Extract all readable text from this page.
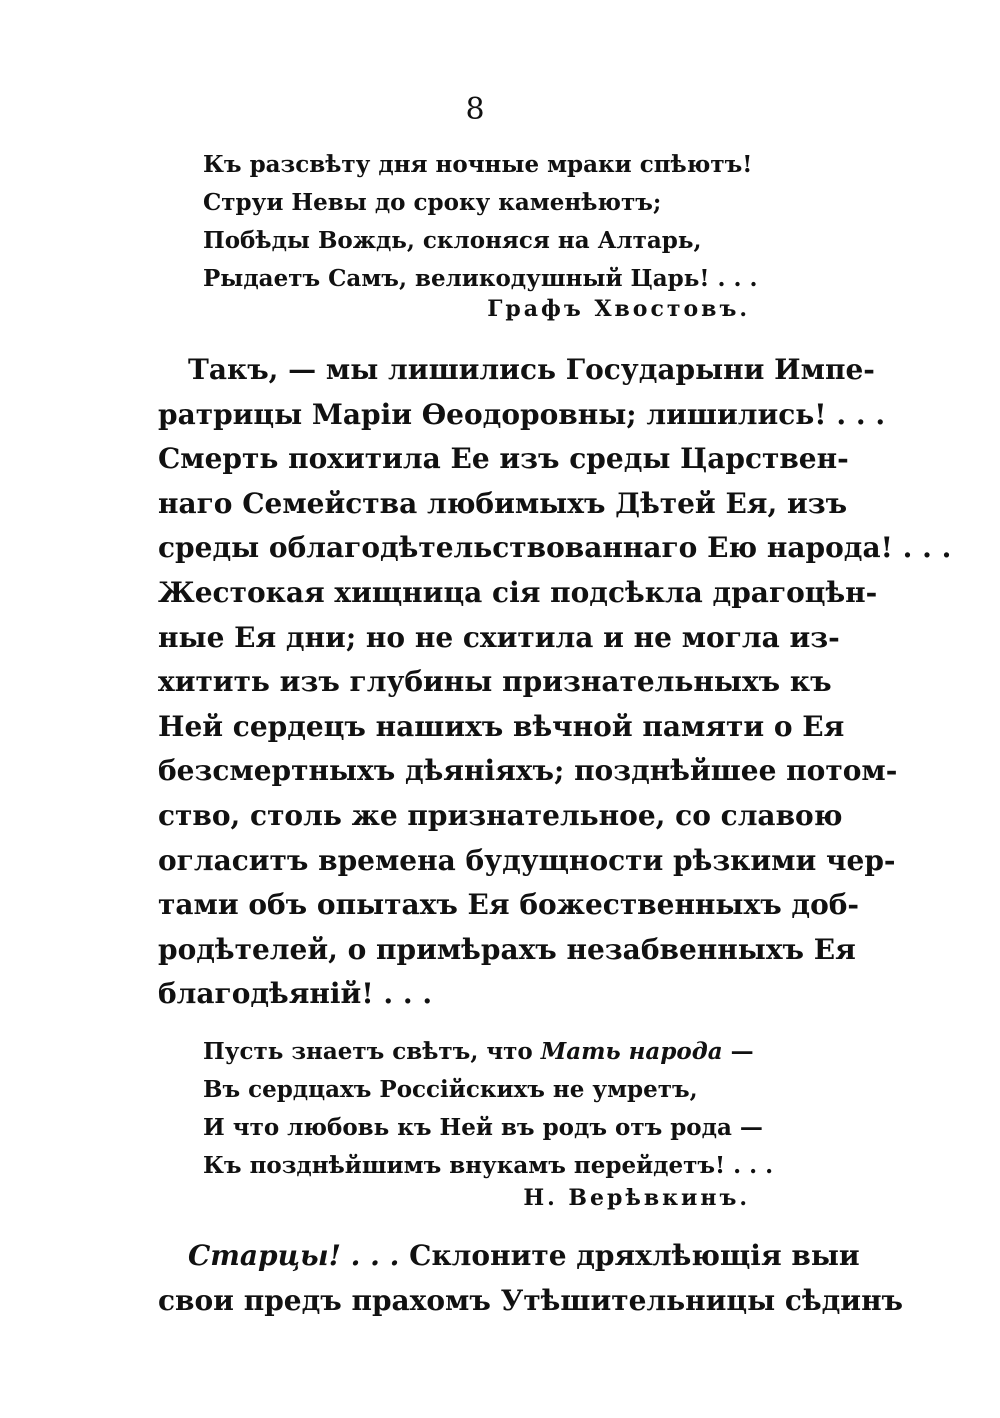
8
Къ разсвѣту дня ночные мраки спѣютъ!
Струи Невы до сроку каменѣютъ;
Побѣды Вождь, склоняся на Алтарь,
Рыдаетъ Самъ, великодушный Царь! . . .
Графъ Хвостовъ.
Такъ, — мы лишились Государыни Импе-
ратрицы Маріи Ѳеодоровны; лишились! . . .
Смерть похитила Ее изъ среды Царствен-
наго Семейства любимыхъ Дѣтей Ея, изъ
среды облагодѣтельствованнаго Ею народа! . . .
Жестокая хищница сія подсѣкла драгоцѣн-
ные Ея дни; но не схитила и не могла из-
хитить изъ глубины признательныхъ къ
Ней сердецъ нашихъ вѣчной памяти о Ея
безсмертныхъ дѣяніяхъ; позднѣйшее потом-
ство, столь же признательное, со славою
огласитъ времена будущности рѣзкими чер-
тами объ опытахъ Ея божественныхъ доб-
родѣтелей, о примѣрахъ незабвенныхъ Ея
благодѣяній! . . .
Пусть знаетъ свѣтъ, что Мать народа —
Въ сердцахъ Россійскихъ не умретъ,
И что любовь къ Ней въ родъ отъ рода —
Къ позднѣйшимъ внукамъ перейдетъ! . . .
Н. Верѣвкинъ.
Старцы! . . . Склоните дряхлѣющія выи
свои предъ прахомъ Утѣшительницы сѣдинъ
